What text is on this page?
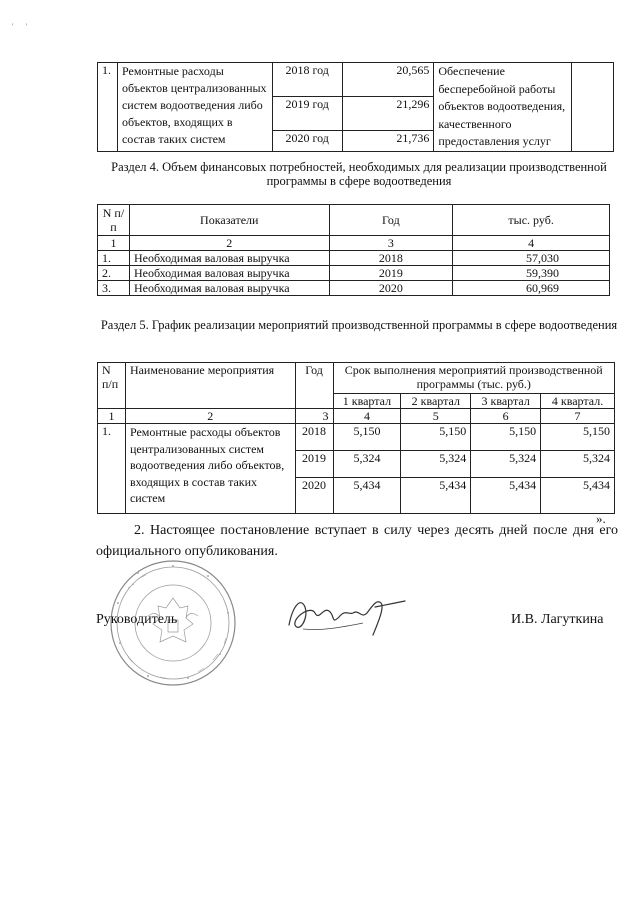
'      '
1.	Ремонтные расходы объектов централизованных систем водоотведения либо объектов, входящих в состав таких систем	2018 год	20,565	Обеспечение бесперебойной работы объектов водоотведения, качественного предоставления услуг	
		2019 год	21,296		
		2020 год	21,736		
Раздел 4. Объем финансовых потребностей, необходимых для реализации производственной программы в сфере водоотведения
N п/п	Показатели	Год	тыс. руб.
1	2	3	4
1.	Необходимая валовая выручка	2018	57,030
2.	Необходимая валовая выручка	2019	59,390
3.	Необходимая валовая выручка	2020	60,969
Раздел 5. График реализации мероприятий производственной программы в сфере водоотведения
N п/п	Наименование мероприятия	Год	Срок выполнения мероприятий производственной программы (тыс. руб.)			
			1 квартал	2 квартал	3 квартал	4 квартал.
1	2	3	4	5	6	7
1.	Ремонтные расходы объектов централизованных систем водоотведения либо объектов, входящих в состав таких систем	2018	5,150	5,150	5,150	5,150
		2019	5,324	5,324	5,324	5,324
		2020	5,434	5,434	5,434	5,434
».
2. Настоящее постановление вступает в силу через десять дней после дня его официального опубликования.
Руководитель	И.В. Лагуткина
